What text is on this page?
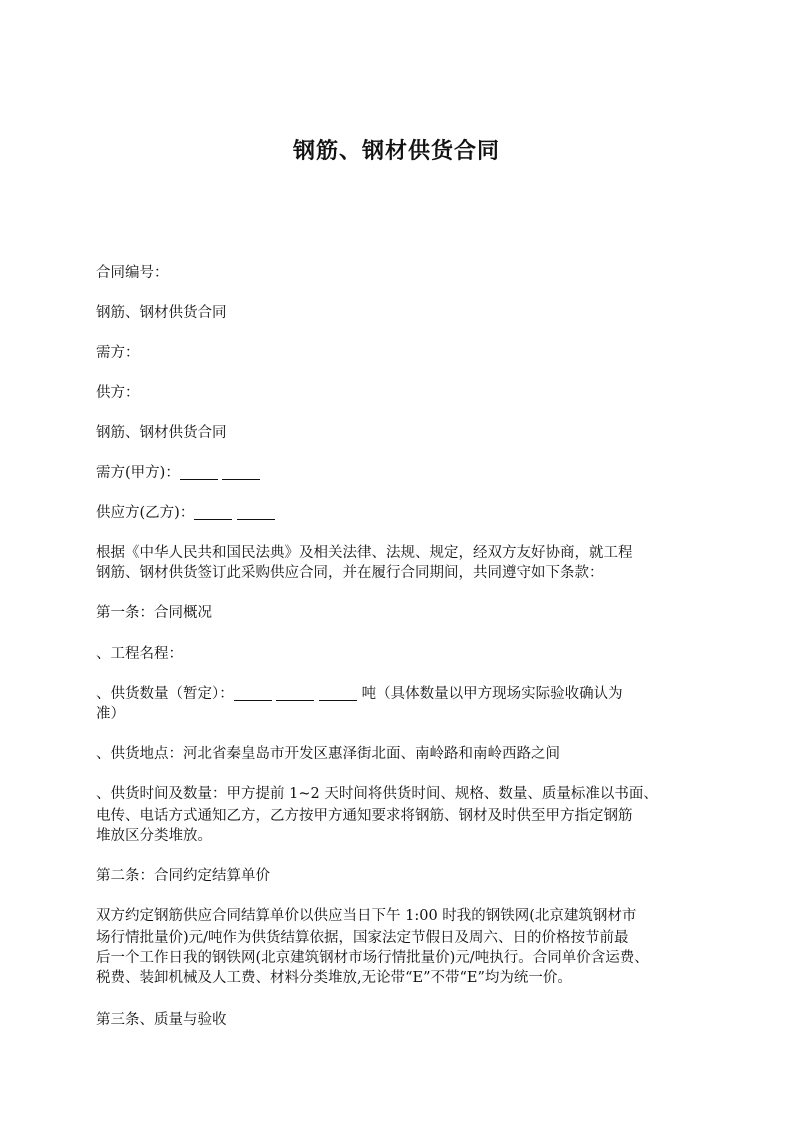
钢筋、钢材供货合同

合同编号：

钢筋、钢材供货合同

需方：

供方：

钢筋、钢材供货合同

需方(甲方)：

供应方(乙方)：

根据《中华人民共和国民法典》及相关法律、法规、规定，经双方友好协商，就工程

钢筋、钢材供货签订此采购供应合同，并在履行合同期间，共同遵守如下条款：

第一条：合同概况

、工程名程：

、供货数量（暂定）：	吨（具体数量以甲方现场实际验收确认为

准）

、供货地点：河北省秦皇岛市开发区惠泽街北面、南岭路和南岭西路之间

、供货时间及数量：甲方提前 1~2 天时间将供货时间、规格、数量、质量标准以书面、

电传、电话方式通知乙方，乙方按甲方通知要求将钢筋、钢材及时供至甲方指定钢筋

堆放区分类堆放。

第二条：合同约定结算单价

双方约定钢筋供应合同结算单价以供应当日下午 1:00 时我的钢铁网(北京建筑钢材市

场行情批量价)元/吨作为供货结算依据，国家法定节假日及周六、日的价格按节前最

后一个工作日我的钢铁网(北京建筑钢材市场行情批量价)元/吨执行。合同单价含运费、

税费、装卸机械及人工费、材料分类堆放,无论带“E”不带“E”均为统一价。

第三条、质量与验收
